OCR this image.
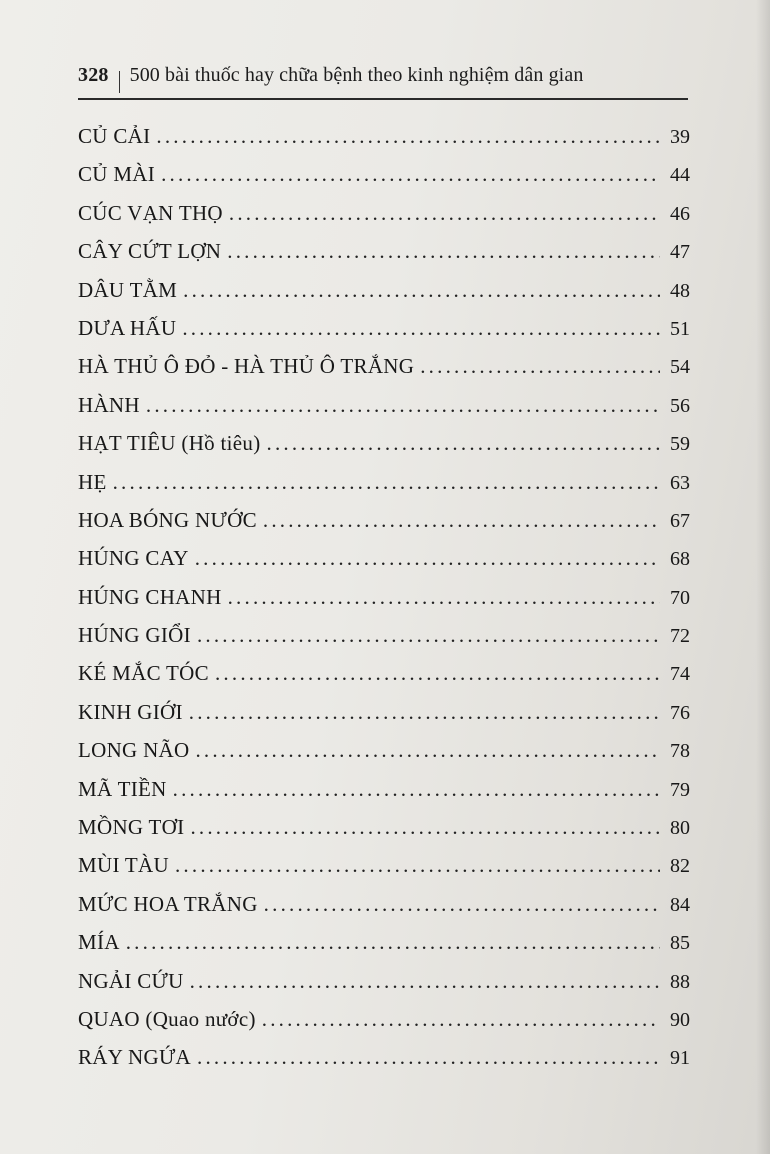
328 500 bài thuốc hay chữa bệnh theo kinh nghiệm dân gian
CỦ CẢI .....	39
CỦ MÀI .....	44
CÚC VẠN THỌ .....	46
CÂY CỨT LỢN .....	47
DÂU TẰM .....	48
DƯA HẤU .....	51
HÀ THỦ Ô ĐỎ - HÀ THỦ Ô TRẮNG .....	54
HÀNH .....	56
HẠT TIÊU (Hồ tiêu) .....	59
HẸ .....	63
HOA BÓNG NƯỚC .....	67
HÚNG CAY .....	68
HÚNG CHANH .....	70
HÚNG GIỔI .....	72
KÉ MẮC TÓC .....	74
KINH GIỚI .....	76
LONG NÃO .....	78
MÃ TIỀN .....	79
MỒNG TƠI .....	80
MÙI TÀU .....	82
MỨC HOA TRẮNG .....	84
MÍA .....	85
NGẢI CỨU .....	88
QUAO (Quao nước) .....	90
RÁY NGỨA .....	91
